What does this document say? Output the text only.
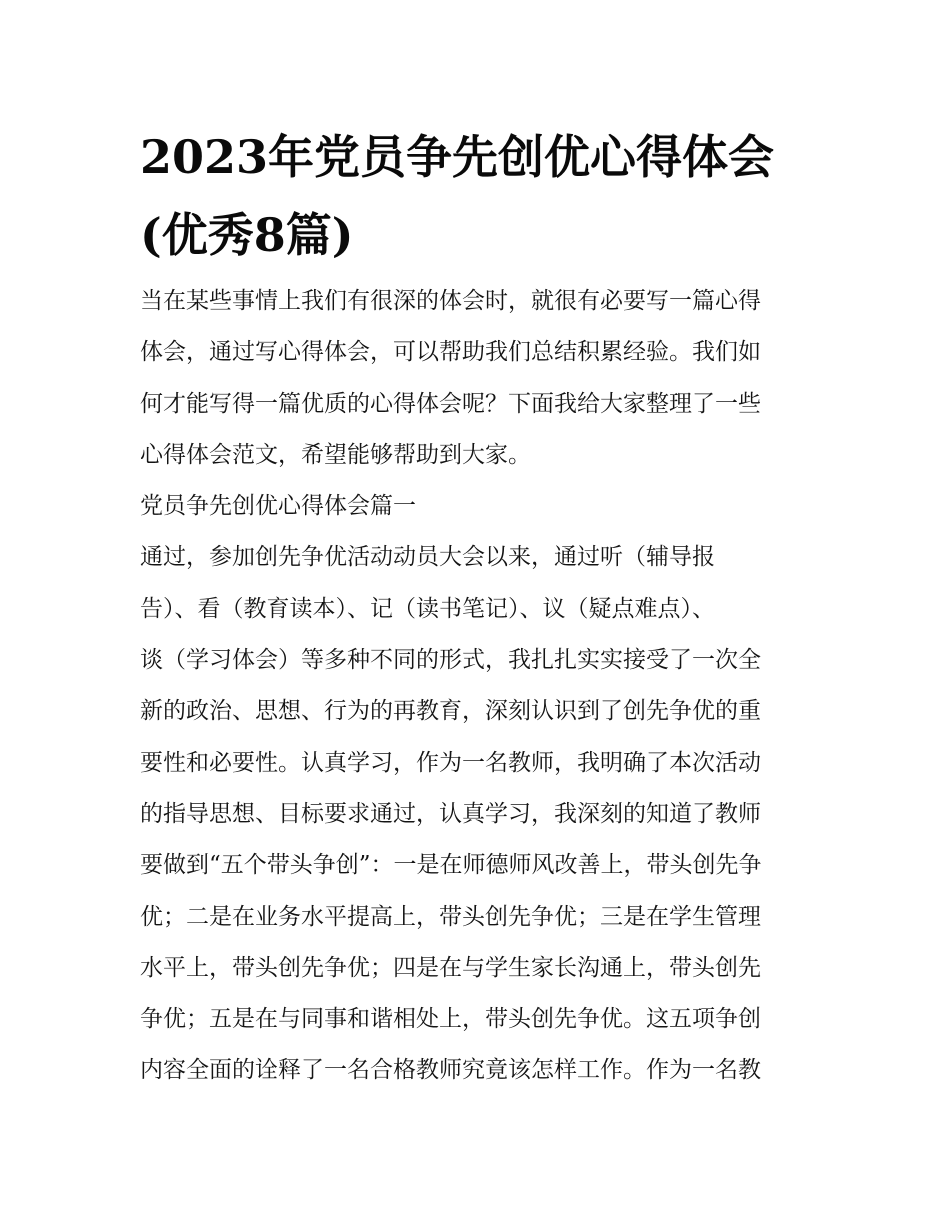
2023年党员争先创优心得体会
(优秀8篇)
当在某些事情上我们有很深的体会时，就很有必要写一篇心得
体会，通过写心得体会，可以帮助我们总结积累经验。我们如
何才能写得一篇优质的心得体会呢？下面我给大家整理了一些
心得体会范文，希望能够帮助到大家。
党员争先创优心得体会篇一
通过，参加创先争优活动动员大会以来，通过听（辅导报
告）、看（教育读本）、记（读书笔记）、议（疑点难点）、
谈（学习体会）等多种不同的形式，我扎扎实实接受了一次全
新的政治、思想、行为的再教育，深刻认识到了创先争优的重
要性和必要性。认真学习，作为一名教师，我明确了本次活动
的指导思想、目标要求通过，认真学习，我深刻的知道了教师
要做到“五个带头争创”：一是在师德师风改善上，带头创先争
优；二是在业务水平提高上，带头创先争优；三是在学生管理
水平上，带头创先争优；四是在与学生家长沟通上，带头创先
争优；五是在与同事和谐相处上，带头创先争优。这五项争创
内容全面的诠释了一名合格教师究竟该怎样工作。作为一名教
